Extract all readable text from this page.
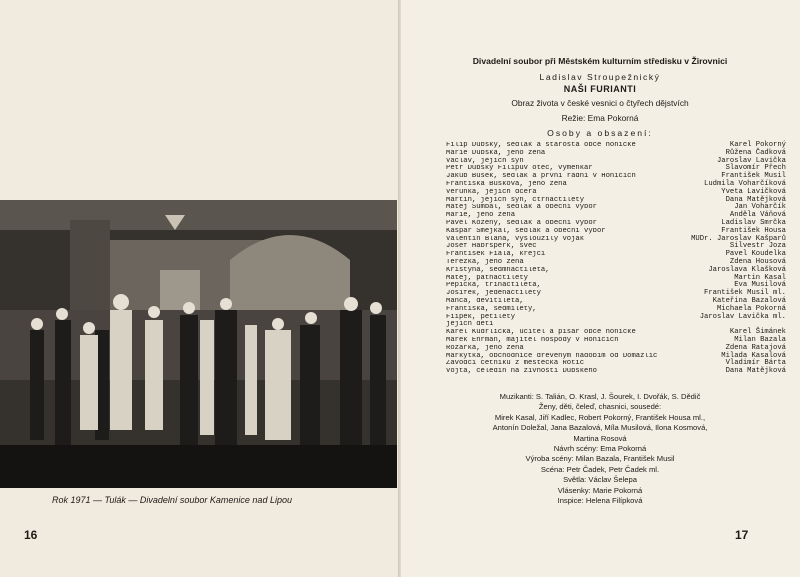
Rok 1971 — Tulák — Divadelní soubor Kamenice nad Lipou
16
Divadelní soubor při Městském kulturním středisku v Žirovnici
Ladislav Stroupežnický
NAŠI FURIANTI
Obraz života v české vesnici o čtyřech dějstvích
Režie: Ema Pokorná
Osoby a obsazení:
Filip Dubský, sedlák a starosta obce honické	Karel Pokorný
Marie Dubská, jeho žena	Růžena Čadková
Václav, jejich syn	Jaroslav Lavička
Petr Dubský Filipův otec, výměnkář	Slavomír Přech
Jakub Bušek, sedlák a první radní v Honicích	František Musil
Františka Bušková, jeho žena	Ludmila Voharčíková
Verunka, jejich dcera	Yveta Lavičková
Martin, jejich syn, čtrnáctiletý	Dana Matějková
Matěj Sumbal, sedlák a obecní výbor	Jan Voharčík
Marie, jeho žena	Anděla Váňová
Pavel Kožený, sedlák a obecní výbor	Ladislav Smrčka
Kašpar Šmejkal, sedlák a obecní výbor	František Housa
Valentin Bláha, vysloužilý voják	MUDr. Jaroslav Kašparů
Josef Habršperk, švec	Silvestr Joza
František Fiala, krejčí	Pavel Koudelka
Terezka, jeho žena	Zdena Housová
Kristýna, sedmnáctiletá,	Jaroslava Klašková
Matěj, patnáctiletý	Martin Kasal
Pepička, třináctiletá,	Eva Musilová
Josífek, jedenáctiletý	František Musil ml.
Manča, devítiletá,	Kateřina Bazalová
Františka, sedmiletý,	Michaela Pokorná
Fiípek, pětiletý	Jaroslav Lavička ml.
jejich děti
Karel Kudrlička, učitel a písař obce honické	Karel Šimánek
Marek Ehrman, majitel hospody v Honicích	Milan Bazala
Rozárka, jeho žena	Zdena Ratajová
Markýtka, obchodnice dřevěným nádobím od Domažlic	Milada Kasalová
Závodčí četníků z městečka Rotic	Vladimír Bárta
Vojta, čeledín na živnosti Dubského	Dana Matějková
Muzikanti: S. Talián, O. Krasl, J. Šourek, I. Dvořák, S. Dědič
Ženy, děti, čeleď, chasnici, sousedé:
Mirek Kasal, Jiří Kadlec, Robert Pokorný, František Housa ml.,
Antonín Doležal, Jana Bazalová, Míla Musilová, Ilona Kosmová,
Martina Rosová
Návrh scény: Ema Pokorná
Výroba scény: Milan Bazala, František Musil
Scéna: Petr Čadek, Petr Čadek ml.
Světla: Václav Šelepa
Vlásenky: Marie Pokorná
Inspice: Helena Filípková
17
